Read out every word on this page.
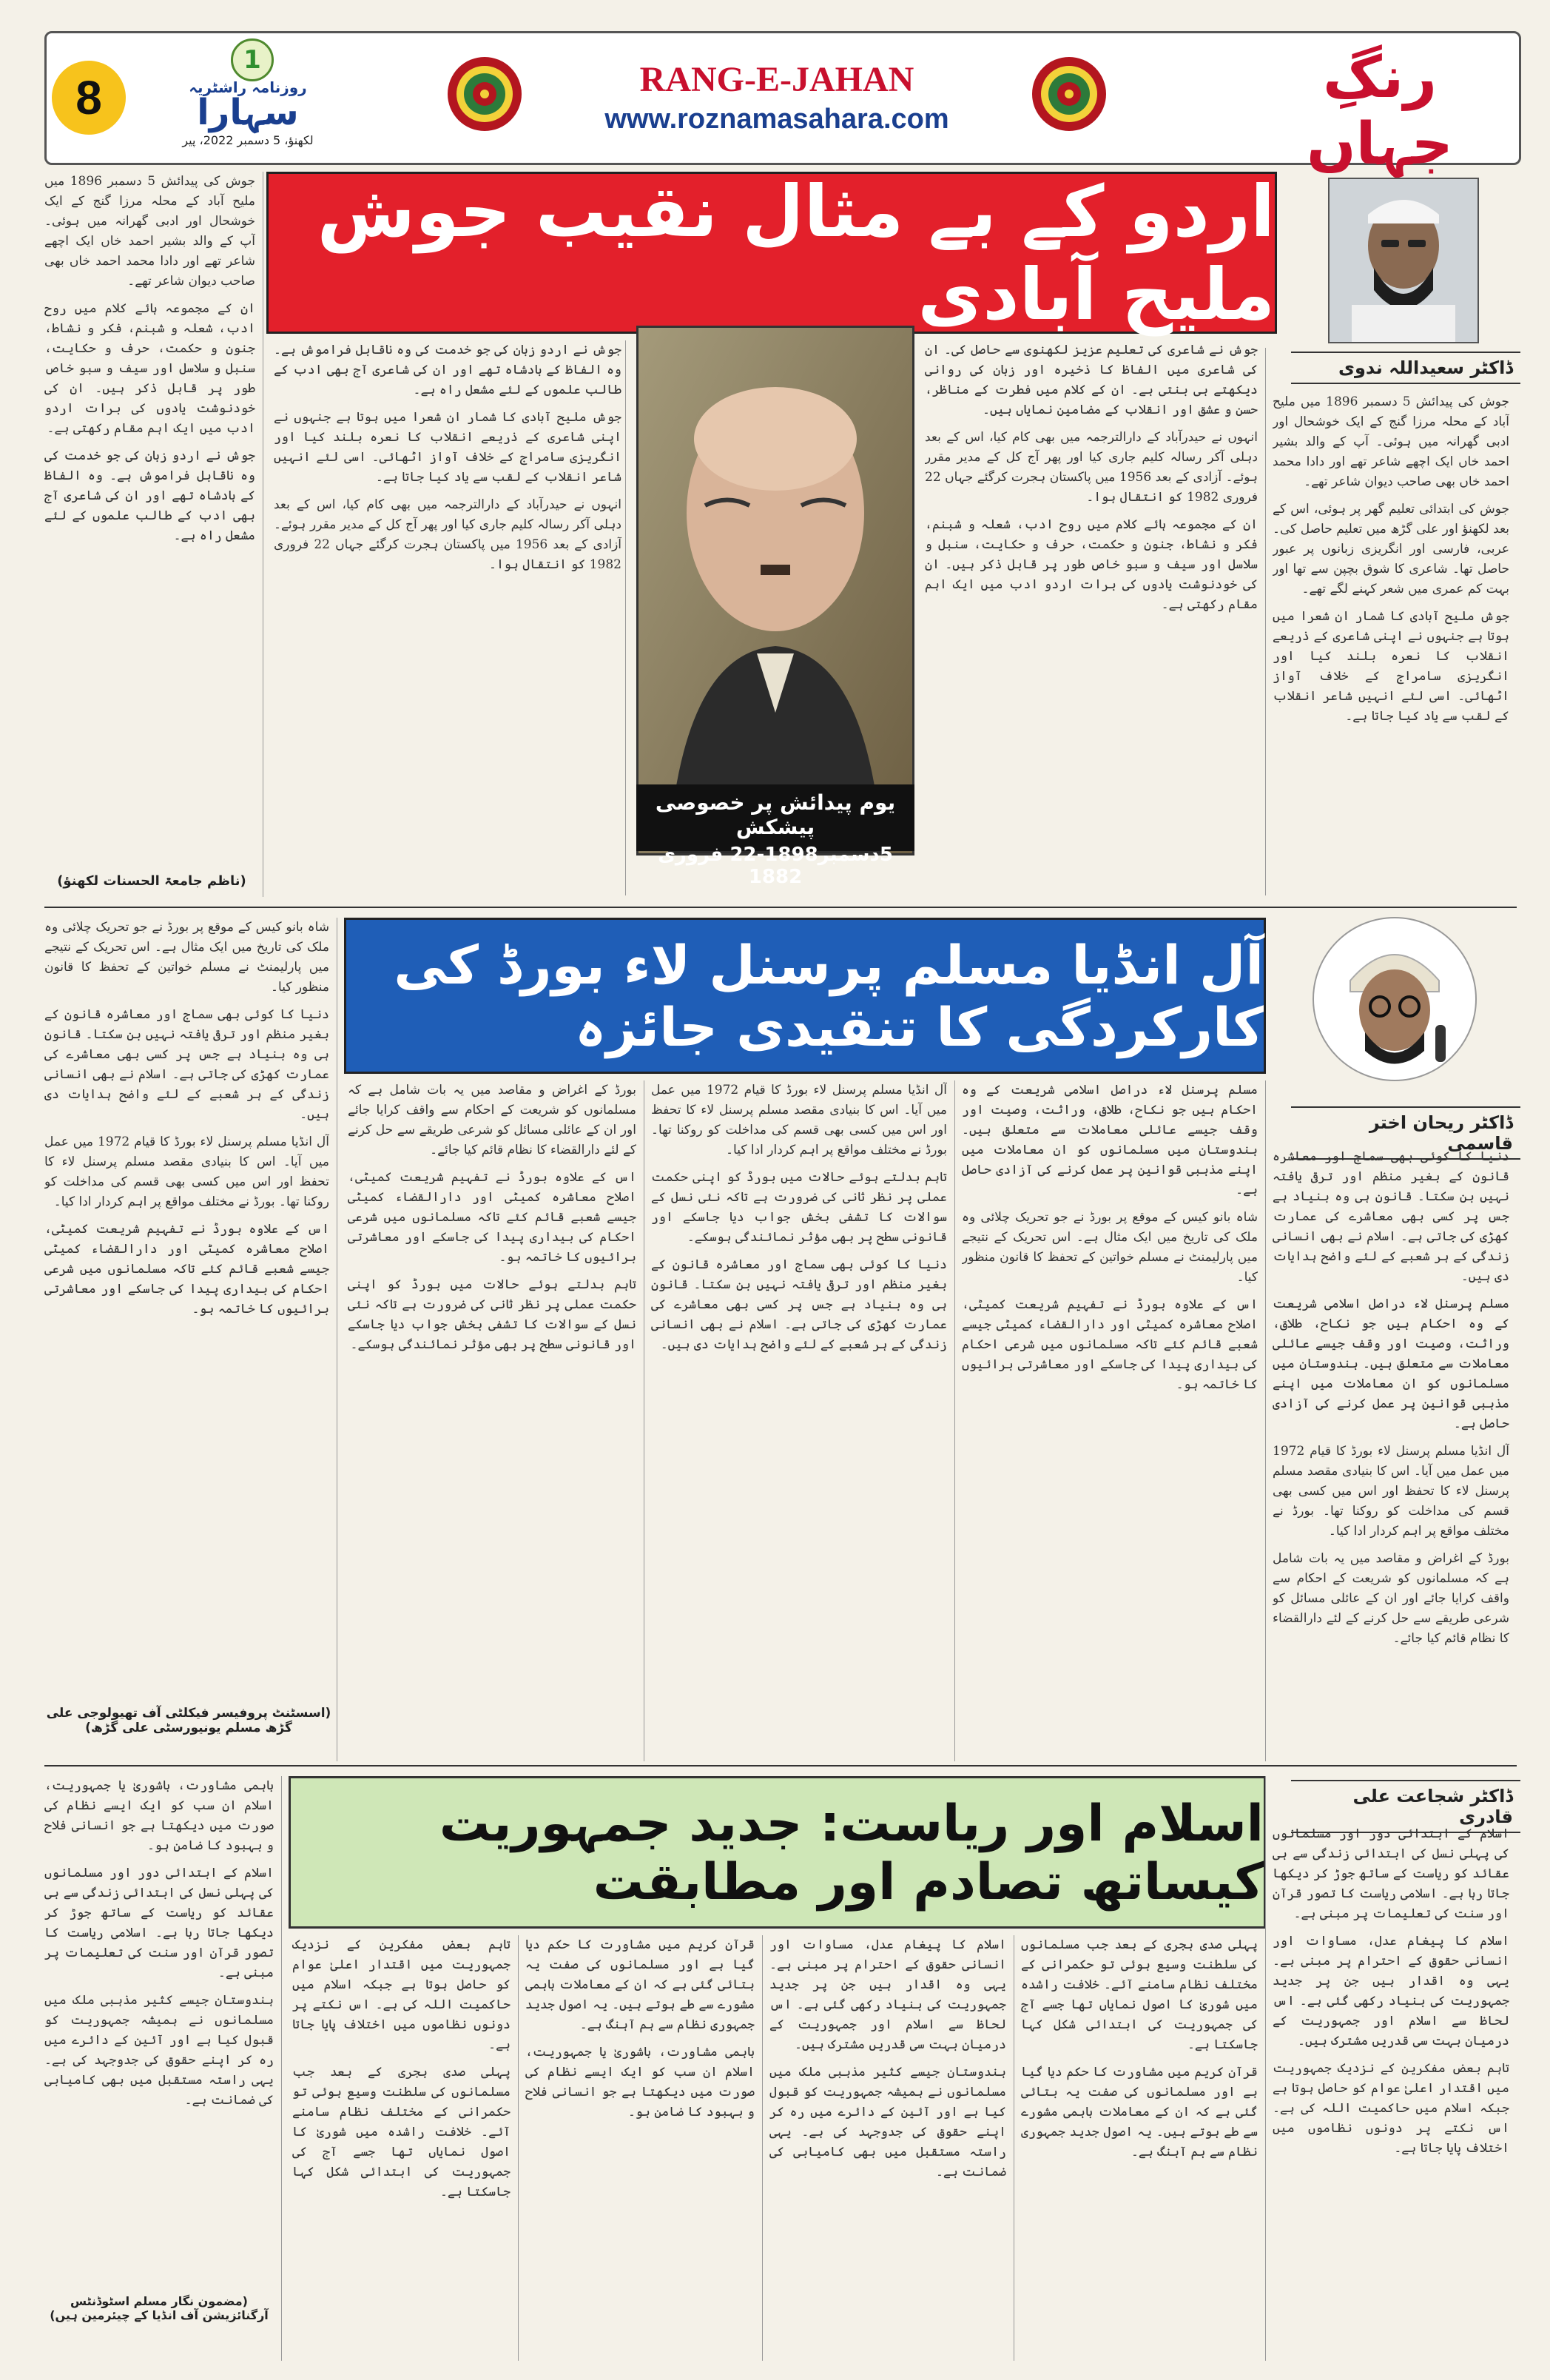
8
1
روزنامہ راشٹریہ
سہارا
لکھنؤ، 5 دسمبر 2022، پیر
RANG-E-JAHAN
www.roznamasahara.com
رنگِ جہاں
اردو کے بے مثال نقیب جوش ملیح آبادی
ڈاکٹر سعیداللہ ندوی
یوم پیدائش پر خصوصی پیشکش
5دسمبر1898-22 فروری 1882

جوش کی پیدائش 5 دسمبر 1896 میں ملیح آباد کے محلہ مرزا گنج کے ایک خوشحال اور ادبی گھرانہ میں ہوئی۔ آپ کے والد بشیر احمد خاں ایک اچھے شاعر تھے اور دادا محمد احمد خاں بھی صاحب دیوان شاعر تھے۔

جوش کی ابتدائی تعلیم گھر پر ہوئی، اس کے بعد لکھنؤ اور علی گڑھ میں تعلیم حاصل کی۔ عربی، فارسی اور انگریزی زبانوں پر عبور حاصل تھا۔ شاعری کا شوق بچپن سے تھا اور بہت کم عمری میں شعر کہنے لگے تھے۔

جوش ملیح آبادی کا شمار ان شعرا میں ہوتا ہے جنہوں نے اپنی شاعری کے ذریعے انقلاب کا نعرہ بلند کیا اور انگریزی سامراج کے خلاف آواز اٹھائی۔ اسی لئے انہیں شاعر انقلاب کے لقب سے یاد کیا جاتا ہے۔

جوش نے شاعری کی تعلیم عزیز لکھنوی سے حاصل کی۔ ان کی شاعری میں الفاظ کا ذخیرہ اور زبان کی روانی دیکھتے ہی بنتی ہے۔ ان کے کلام میں فطرت کے مناظر، حسن و عشق اور انقلاب کے مضامین نمایاں ہیں۔

انہوں نے حیدرآباد کے دارالترجمہ میں بھی کام کیا، اس کے بعد دہلی آکر رسالہ کلیم جاری کیا اور پھر آج کل کے مدیر مقرر ہوئے۔ آزادی کے بعد 1956 میں پاکستان ہجرت کرگئے جہاں 22 فروری 1982 کو انتقال ہوا۔

ان کے مجموعہ ہائے کلام میں روح ادب، شعلہ و شبنم، فکر و نشاط، جنون و حکمت، حرف و حکایت، سنبل و سلاسل اور سیف و سبو خاص طور پر قابل ذکر ہیں۔ ان کی خودنوشت یادوں کی برات اردو ادب میں ایک اہم مقام رکھتی ہے۔

جوش نے اردو زبان کی جو خدمت کی وہ ناقابل فراموش ہے۔ وہ الفاظ کے بادشاہ تھے اور ان کی شاعری آج بھی ادب کے طالب علموں کے لئے مشعل راہ ہے۔

جوش ملیح آبادی کا شمار ان شعرا میں ہوتا ہے جنہوں نے اپنی شاعری کے ذریعے انقلاب کا نعرہ بلند کیا اور انگریزی سامراج کے خلاف آواز اٹھائی۔ اسی لئے انہیں شاعر انقلاب کے لقب سے یاد کیا جاتا ہے۔

انہوں نے حیدرآباد کے دارالترجمہ میں بھی کام کیا، اس کے بعد دہلی آکر رسالہ کلیم جاری کیا اور پھر آج کل کے مدیر مقرر ہوئے۔ آزادی کے بعد 1956 میں پاکستان ہجرت کرگئے جہاں 22 فروری 1982 کو انتقال ہوا۔

جوش کی پیدائش 5 دسمبر 1896 میں ملیح آباد کے محلہ مرزا گنج کے ایک خوشحال اور ادبی گھرانہ میں ہوئی۔ آپ کے والد بشیر احمد خاں ایک اچھے شاعر تھے اور دادا محمد احمد خاں بھی صاحب دیوان شاعر تھے۔

ان کے مجموعہ ہائے کلام میں روح ادب، شعلہ و شبنم، فکر و نشاط، جنون و حکمت، حرف و حکایت، سنبل و سلاسل اور سیف و سبو خاص طور پر قابل ذکر ہیں۔ ان کی خودنوشت یادوں کی برات اردو ادب میں ایک اہم مقام رکھتی ہے۔

جوش نے اردو زبان کی جو خدمت کی وہ ناقابل فراموش ہے۔ وہ الفاظ کے بادشاہ تھے اور ان کی شاعری آج بھی ادب کے طالب علموں کے لئے مشعل راہ ہے۔

(ناظم جامعۃ الحسنات لکھنؤ)
آل انڈیا مسلم پرسنل لاء بورڈ کی کارکردگی کا تنقیدی جائزہ
ڈاکٹر ریحان اختر قاسمی

دنیا کا کوئی بھی سماج اور معاشرہ قانون کے بغیر منظم اور ترقی یافتہ نہیں بن سکتا۔ قانون ہی وہ بنیاد ہے جس پر کسی بھی معاشرے کی عمارت کھڑی کی جاتی ہے۔ اسلام نے بھی انسانی زندگی کے ہر شعبے کے لئے واضح ہدایات دی ہیں۔

مسلم پرسنل لاء دراصل اسلامی شریعت کے وہ احکام ہیں جو نکاح، طلاق، وراثت، وصیت اور وقف جیسے عائلی معاملات سے متعلق ہیں۔ ہندوستان میں مسلمانوں کو ان معاملات میں اپنے مذہبی قوانین پر عمل کرنے کی آزادی حاصل ہے۔

آل انڈیا مسلم پرسنل لاء بورڈ کا قیام 1972 میں عمل میں آیا۔ اس کا بنیادی مقصد مسلم پرسنل لاء کا تحفظ اور اس میں کسی بھی قسم کی مداخلت کو روکنا تھا۔ بورڈ نے مختلف مواقع پر اہم کردار ادا کیا۔

بورڈ کے اغراض و مقاصد میں یہ بات شامل ہے کہ مسلمانوں کو شریعت کے احکام سے واقف کرایا جائے اور ان کے عائلی مسائل کو شرعی طریقے سے حل کرنے کے لئے دارالقضاء کا نظام قائم کیا جائے۔

مسلم پرسنل لاء دراصل اسلامی شریعت کے وہ احکام ہیں جو نکاح، طلاق، وراثت، وصیت اور وقف جیسے عائلی معاملات سے متعلق ہیں۔ ہندوستان میں مسلمانوں کو ان معاملات میں اپنے مذہبی قوانین پر عمل کرنے کی آزادی حاصل ہے۔

شاہ بانو کیس کے موقع پر بورڈ نے جو تحریک چلائی وہ ملک کی تاریخ میں ایک مثال ہے۔ اس تحریک کے نتیجے میں پارلیمنٹ نے مسلم خواتین کے تحفظ کا قانون منظور کیا۔

اس کے علاوہ بورڈ نے تفہیم شریعت کمیٹی، اصلاح معاشرہ کمیٹی اور دارالقضاء کمیٹی جیسے شعبے قائم کئے تاکہ مسلمانوں میں شرعی احکام کی بیداری پیدا کی جاسکے اور معاشرتی برائیوں کا خاتمہ ہو۔

آل انڈیا مسلم پرسنل لاء بورڈ کا قیام 1972 میں عمل میں آیا۔ اس کا بنیادی مقصد مسلم پرسنل لاء کا تحفظ اور اس میں کسی بھی قسم کی مداخلت کو روکنا تھا۔ بورڈ نے مختلف مواقع پر اہم کردار ادا کیا۔

تاہم بدلتے ہوئے حالات میں بورڈ کو اپنی حکمت عملی پر نظر ثانی کی ضرورت ہے تاکہ نئی نسل کے سوالات کا تشفی بخش جواب دیا جاسکے اور قانونی سطح پر بھی مؤثر نمائندگی ہوسکے۔

دنیا کا کوئی بھی سماج اور معاشرہ قانون کے بغیر منظم اور ترقی یافتہ نہیں بن سکتا۔ قانون ہی وہ بنیاد ہے جس پر کسی بھی معاشرے کی عمارت کھڑی کی جاتی ہے۔ اسلام نے بھی انسانی زندگی کے ہر شعبے کے لئے واضح ہدایات دی ہیں۔

بورڈ کے اغراض و مقاصد میں یہ بات شامل ہے کہ مسلمانوں کو شریعت کے احکام سے واقف کرایا جائے اور ان کے عائلی مسائل کو شرعی طریقے سے حل کرنے کے لئے دارالقضاء کا نظام قائم کیا جائے۔

اس کے علاوہ بورڈ نے تفہیم شریعت کمیٹی، اصلاح معاشرہ کمیٹی اور دارالقضاء کمیٹی جیسے شعبے قائم کئے تاکہ مسلمانوں میں شرعی احکام کی بیداری پیدا کی جاسکے اور معاشرتی برائیوں کا خاتمہ ہو۔

تاہم بدلتے ہوئے حالات میں بورڈ کو اپنی حکمت عملی پر نظر ثانی کی ضرورت ہے تاکہ نئی نسل کے سوالات کا تشفی بخش جواب دیا جاسکے اور قانونی سطح پر بھی مؤثر نمائندگی ہوسکے۔

شاہ بانو کیس کے موقع پر بورڈ نے جو تحریک چلائی وہ ملک کی تاریخ میں ایک مثال ہے۔ اس تحریک کے نتیجے میں پارلیمنٹ نے مسلم خواتین کے تحفظ کا قانون منظور کیا۔

دنیا کا کوئی بھی سماج اور معاشرہ قانون کے بغیر منظم اور ترقی یافتہ نہیں بن سکتا۔ قانون ہی وہ بنیاد ہے جس پر کسی بھی معاشرے کی عمارت کھڑی کی جاتی ہے۔ اسلام نے بھی انسانی زندگی کے ہر شعبے کے لئے واضح ہدایات دی ہیں۔

آل انڈیا مسلم پرسنل لاء بورڈ کا قیام 1972 میں عمل میں آیا۔ اس کا بنیادی مقصد مسلم پرسنل لاء کا تحفظ اور اس میں کسی بھی قسم کی مداخلت کو روکنا تھا۔ بورڈ نے مختلف مواقع پر اہم کردار ادا کیا۔

اس کے علاوہ بورڈ نے تفہیم شریعت کمیٹی، اصلاح معاشرہ کمیٹی اور دارالقضاء کمیٹی جیسے شعبے قائم کئے تاکہ مسلمانوں میں شرعی احکام کی بیداری پیدا کی جاسکے اور معاشرتی برائیوں کا خاتمہ ہو۔

(اسسٹنٹ پروفیسر فیکلٹی آف تھیولوجی علی گڑھ مسلم یونیورسٹی علی گڑھ)
اسلام اور ریاست: جدید جمہوریت کیساتھ تصادم اور مطابقت
ڈاکٹر شجاعت علی قادری

اسلام کے ابتدائی دور اور مسلمانوں کی پہلی نسل کی ابتدائی زندگی سے ہی عقائد کو ریاست کے ساتھ جوڑ کر دیکھا جاتا رہا ہے۔ اسلامی ریاست کا تصور قرآن اور سنت کی تعلیمات پر مبنی ہے۔

اسلام کا پیغام عدل، مساوات اور انسانی حقوق کے احترام پر مبنی ہے۔ یہی وہ اقدار ہیں جن پر جدید جمہوریت کی بنیاد رکھی گئی ہے۔ اس لحاظ سے اسلام اور جمہوریت کے درمیان بہت سی قدریں مشترک ہیں۔

تاہم بعض مفکرین کے نزدیک جمہوریت میں اقتدار اعلیٰ عوام کو حاصل ہوتا ہے جبکہ اسلام میں حاکمیت اللہ کی ہے۔ اس نکتے پر دونوں نظاموں میں اختلاف پایا جاتا ہے۔

پہلی صدی ہجری کے بعد جب مسلمانوں کی سلطنت وسیع ہوئی تو حکمرانی کے مختلف نظام سامنے آئے۔ خلافت راشدہ میں شوریٰ کا اصول نمایاں تھا جسے آج کی جمہوریت کی ابتدائی شکل کہا جاسکتا ہے۔

قرآن کریم میں مشاورت کا حکم دیا گیا ہے اور مسلمانوں کی صفت یہ بتائی گئی ہے کہ ان کے معاملات باہمی مشورے سے طے ہوتے ہیں۔ یہ اصول جدید جمہوری نظام سے ہم آہنگ ہے۔

اسلام کا پیغام عدل، مساوات اور انسانی حقوق کے احترام پر مبنی ہے۔ یہی وہ اقدار ہیں جن پر جدید جمہوریت کی بنیاد رکھی گئی ہے۔ اس لحاظ سے اسلام اور جمہوریت کے درمیان بہت سی قدریں مشترک ہیں۔

ہندوستان جیسے کثیر مذہبی ملک میں مسلمانوں نے ہمیشہ جمہوریت کو قبول کیا ہے اور آئین کے دائرے میں رہ کر اپنے حقوق کی جدوجہد کی ہے۔ یہی راستہ مستقبل میں بھی کامیابی کی ضمانت ہے۔

قرآن کریم میں مشاورت کا حکم دیا گیا ہے اور مسلمانوں کی صفت یہ بتائی گئی ہے کہ ان کے معاملات باہمی مشورے سے طے ہوتے ہیں۔ یہ اصول جدید جمہوری نظام سے ہم آہنگ ہے۔

باہمی مشاورت، باشوریٰ یا جمہوریت، اسلام ان سب کو ایک ایسے نظام کی صورت میں دیکھتا ہے جو انسانی فلاح و بہبود کا ضامن ہو۔

تاہم بعض مفکرین کے نزدیک جمہوریت میں اقتدار اعلیٰ عوام کو حاصل ہوتا ہے جبکہ اسلام میں حاکمیت اللہ کی ہے۔ اس نکتے پر دونوں نظاموں میں اختلاف پایا جاتا ہے۔

پہلی صدی ہجری کے بعد جب مسلمانوں کی سلطنت وسیع ہوئی تو حکمرانی کے مختلف نظام سامنے آئے۔ خلافت راشدہ میں شوریٰ کا اصول نمایاں تھا جسے آج کی جمہوریت کی ابتدائی شکل کہا جاسکتا ہے۔

باہمی مشاورت، باشوریٰ یا جمہوریت، اسلام ان سب کو ایک ایسے نظام کی صورت میں دیکھتا ہے جو انسانی فلاح و بہبود کا ضامن ہو۔

اسلام کے ابتدائی دور اور مسلمانوں کی پہلی نسل کی ابتدائی زندگی سے ہی عقائد کو ریاست کے ساتھ جوڑ کر دیکھا جاتا رہا ہے۔ اسلامی ریاست کا تصور قرآن اور سنت کی تعلیمات پر مبنی ہے۔

ہندوستان جیسے کثیر مذہبی ملک میں مسلمانوں نے ہمیشہ جمہوریت کو قبول کیا ہے اور آئین کے دائرے میں رہ کر اپنے حقوق کی جدوجہد کی ہے۔ یہی راستہ مستقبل میں بھی کامیابی کی ضمانت ہے۔

(مضمون نگار مسلم اسٹوڈنٹس آرگنائزیشن آف انڈیا کے چیئرمین ہیں)
